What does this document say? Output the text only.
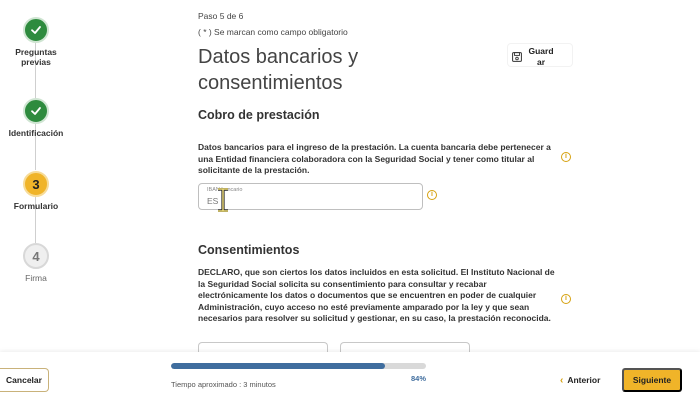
Preguntas previas
Identificación
3
Formulario
4
Firma
Paso 5 de 6
( * ) Se marcan como campo obligatorio
Datos bancarios y consentimientos
Guardar
Cobro de prestación

Datos bancarios para el ingreso de la prestación. La cuenta bancaria debe pertenecer a una Entidad financiera colaboradora con la Seguridad Social y tener como titular al solicitante de la prestación.

i
IBAN bancario
ES
i
Consentimientos

DECLARO, que son ciertos los datos incluidos en esta solicitud. El Instituto Nacional de la Seguridad Social solicita su consentimiento para consultar y recabar electrónicamente los datos o documentos que se encuentren en poder de cualquier Administración, cuyo acceso no esté previamente amparado por la ley y que sean necesarios para resolver su solicitud y gestionar, en su caso, la prestación reconocida.

i
Cancelar	84%
Tiempo aproximado : 3 minutos	‹ Anterior	Siguiente
